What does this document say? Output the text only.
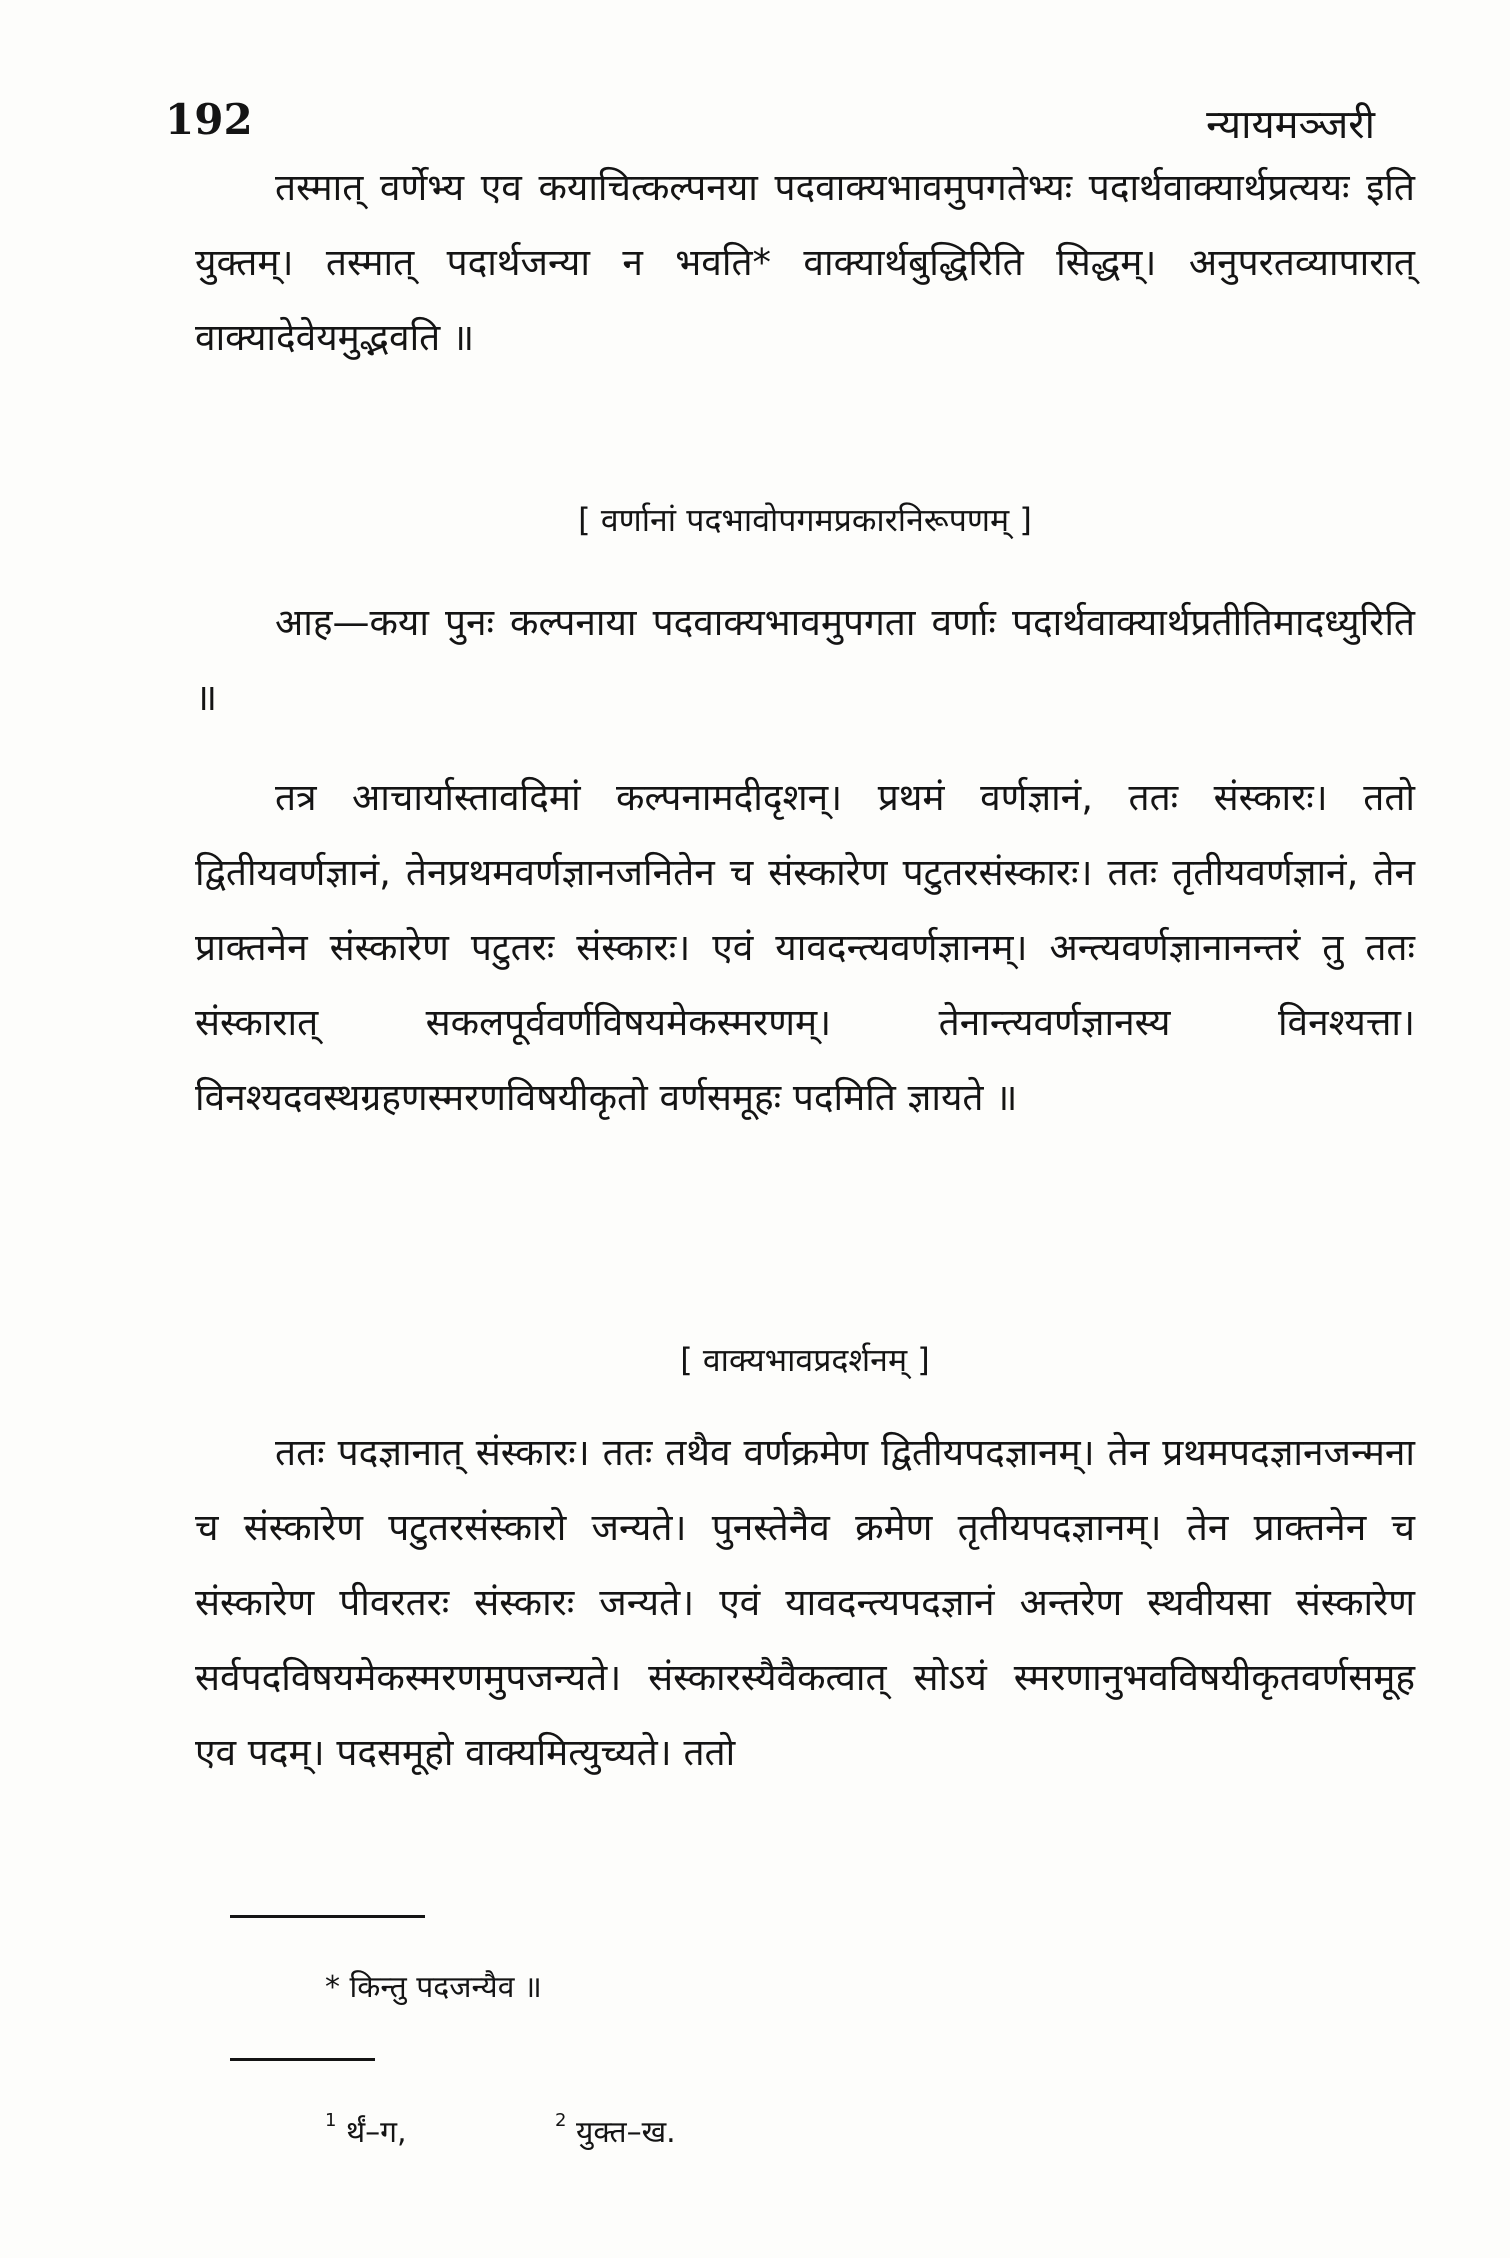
192	न्यायमञ्जरी

तस्मात् वर्णेभ्य एव कयाचित्कल्पनया पदवाक्यभावमुपगतेभ्यः पदार्थवाक्यार्थप्रत्ययः इति युक्तम्। तस्मात् पदार्थजन्या न भवति* वाक्यार्थबुद्धिरिति सिद्धम्। अनुपरतव्यापारात् वाक्यादेवेयमुद्भवति ॥

[ वर्णानां पदभावोपगमप्रकारनिरूपणम् ]

आह—कया पुनः कल्पनाया पदवाक्यभावमुपगता वर्णाः पदार्थवाक्यार्थप्रतीतिमादध्युरिति ॥

तत्र आचार्यास्तावदिमां कल्पनामदीदृशन्। प्रथमं वर्णज्ञानं, ततः संस्कारः। ततो द्वितीयवर्णज्ञानं, तेनप्रथमवर्णज्ञानजनितेन च संस्कारेण पटुतरसंस्कारः। ततः तृतीयवर्णज्ञानं, तेन प्राक्तनेन संस्कारेण पटुतरः संस्कारः। एवं यावदन्त्यवर्णज्ञानम्। अन्त्यवर्णज्ञानानन्तरं तु ततः संस्कारात् सकलपूर्ववर्णविषयमेकस्मरणम्। तेनान्त्यवर्णज्ञानस्य विनश्यत्ता। विनश्यदवस्थग्रहणस्मरणविषयीकृतो वर्णसमूहः पदमिति ज्ञायते ॥

[ वाक्यभावप्रदर्शनम् ]

ततः पदज्ञानात् संस्कारः। ततः तथैव वर्णक्रमेण द्वितीयपदज्ञानम्। तेन प्रथमपदज्ञानजन्मना च संस्कारेण पटुतरसंस्कारो जन्यते। पुनस्तेनैव क्रमेण तृतीयपदज्ञानम्। तेन प्राक्तनेन च संस्कारेण पीवरतरः संस्कारः जन्यते। एवं यावदन्त्यपदज्ञानं अन्तरेण स्थवीयसा संस्कारेण सर्वपदविषयमेकस्मरणमुपजन्यते। संस्कारस्यैवैकत्वात् सोऽयं स्मरणानुभवविषयीकृतवर्णसमूह एव पदम्। पदसमूहो वाक्यमित्युच्यते। ततो

* किन्तु पदजन्यैव ॥
$^1$ र्थं–ग,	$^2$ युक्त–ख.
